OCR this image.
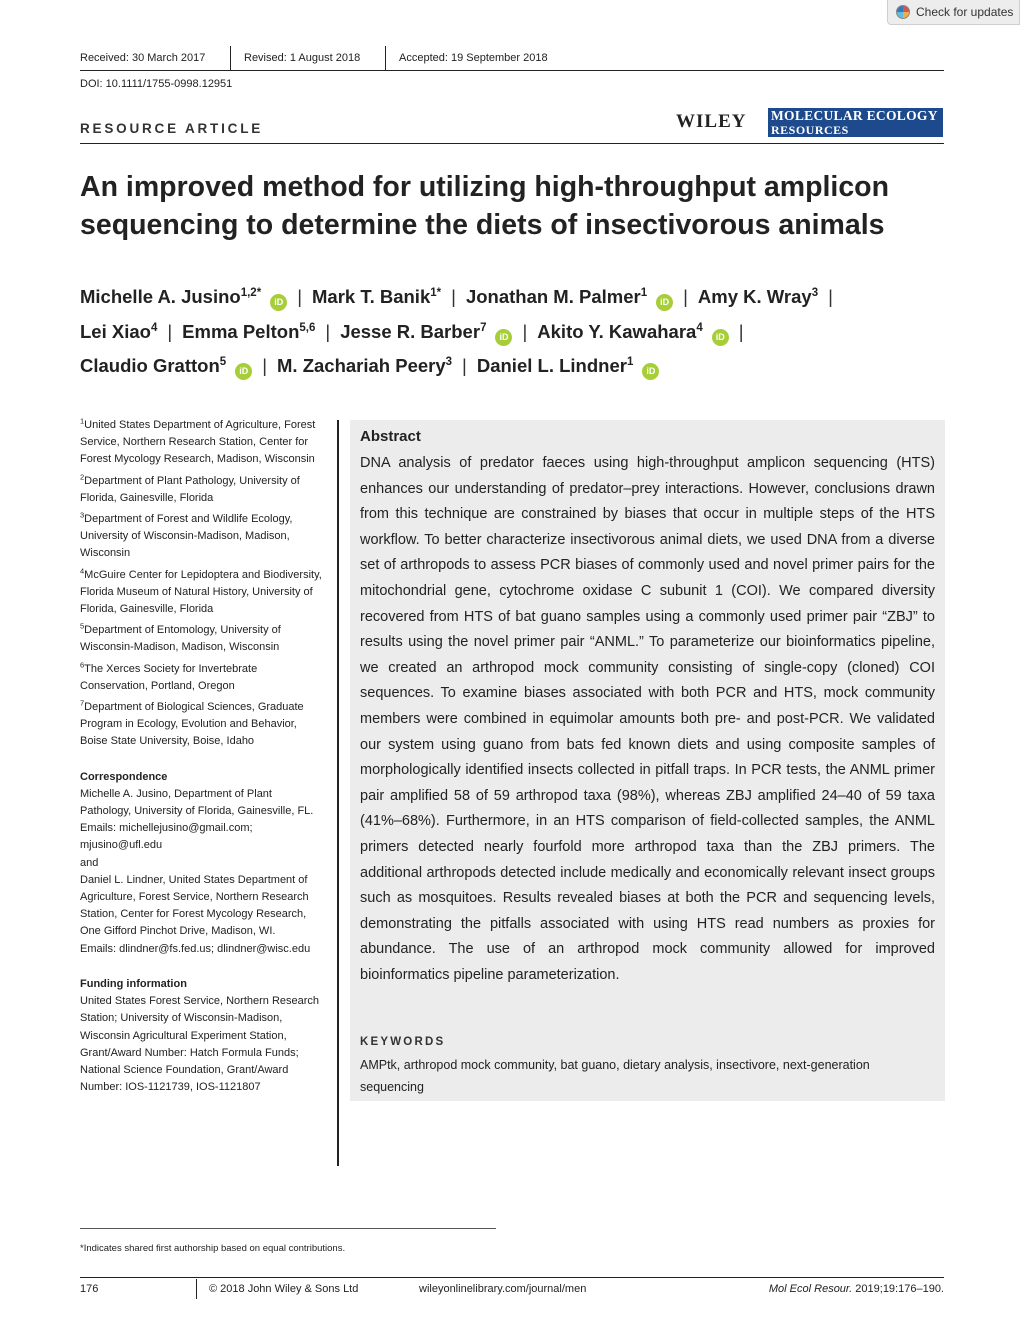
Check for updates
Received: 30 March 2017	Revised: 1 August 2018	Accepted: 19 September 2018
DOI: 10.1111/1755-0998.12951
RESOURCE ARTICLE	WILEY MOLECULAR ECOLOGY
RESOURCES
An improved method for utilizing high-throughput amplicon sequencing to determine the diets of insectivorous animals
Michelle A. Jusino$^{1,2*}$iD | Mark T. Banik$^{1*}$ | Jonathan M. Palmer$^1$iD | Amy K. Wray$^3$ |
Lei Xiao$^4$ | Emma Pelton$^{5,6}$ | Jesse R. Barber$^7$iD | Akito Y. Kawahara$^4$iD |
Claudio Gratton$^5$iD | M. Zachariah Peery$^3$ | Daniel L. Lindner$^1$iD
$^1$United States Department of Agriculture, Forest Service, Northern Research Station, Center for Forest Mycology Research, Madison, Wisconsin
$^2$Department of Plant Pathology, University of Florida, Gainesville, Florida
$^3$Department of Forest and Wildlife Ecology, University of Wisconsin-Madison, Madison, Wisconsin
$^4$McGuire Center for Lepidoptera and Biodiversity, Florida Museum of Natural History, University of Florida, Gainesville, Florida
$^5$Department of Entomology, University of Wisconsin-Madison, Madison, Wisconsin
$^6$The Xerces Society for Invertebrate Conservation, Portland, Oregon
$^7$Department of Biological Sciences, Graduate Program in Ecology, Evolution and Behavior, Boise State University, Boise, Idaho
Correspondence
Michelle A. Jusino, Department of Plant Pathology, University of Florida, Gainesville, FL.
Emails: michellejusino@gmail.com; mjusino@ufl.edu
and
Daniel L. Lindner, United States Department of Agriculture, Forest Service, Northern Research Station, Center for Forest Mycology Research, One Gifford Pinchot Drive, Madison, WI.
Emails: dlindner@fs.fed.us; dlindner@wisc.edu
Funding information
United States Forest Service, Northern Research Station; University of Wisconsin-Madison, Wisconsin Agricultural Experiment Station, Grant/Award Number: Hatch Formula Funds; National Science Foundation, Grant/Award Number: IOS-1121739, IOS-1121807
Abstract
DNA analysis of predator faeces using high-throughput amplicon sequencing (HTS) enhances our understanding of predator–prey interactions. However, conclusions drawn from this technique are constrained by biases that occur in multiple steps of the HTS workflow. To better characterize insectivorous animal diets, we used DNA from a diverse set of arthropods to assess PCR biases of commonly used and novel primer pairs for the mitochondrial gene, cytochrome oxidase C subunit 1 (COI). We compared diversity recovered from HTS of bat guano samples using a commonly used primer pair “ZBJ” to results using the novel primer pair “ANML.” To parameterize our bioinformatics pipeline, we created an arthropod mock community consisting of single-copy (cloned) COI sequences. To examine biases associated with both PCR and HTS, mock community members were combined in equimolar amounts both pre- and post-PCR. We validated our system using guano from bats fed known diets and using composite samples of morphologically identified insects collected in pitfall traps. In PCR tests, the ANML primer pair amplified 58 of 59 arthropod taxa (98%), whereas ZBJ amplified 24–40 of 59 taxa (41%–68%). Furthermore, in an HTS comparison of field-collected samples, the ANML primers detected nearly fourfold more arthropod taxa than the ZBJ primers. The additional arthropods detected include medically and economically relevant insect groups such as mosquitoes. Results revealed biases at both the PCR and sequencing levels, demonstrating the pitfalls associated with using HTS read numbers as proxies for abundance. The use of an arthropod mock community allowed for improved bioinformatics pipeline parameterization.
KEYWORDS
AMPtk, arthropod mock community, bat guano, dietary analysis, insectivore, next-generation sequencing
*Indicates shared first authorship based on equal contributions.
176	© 2018 John Wiley & Sons Ltd	wileyonlinelibrary.com/journal/men	Mol Ecol Resour. 2019;19:176–190.
